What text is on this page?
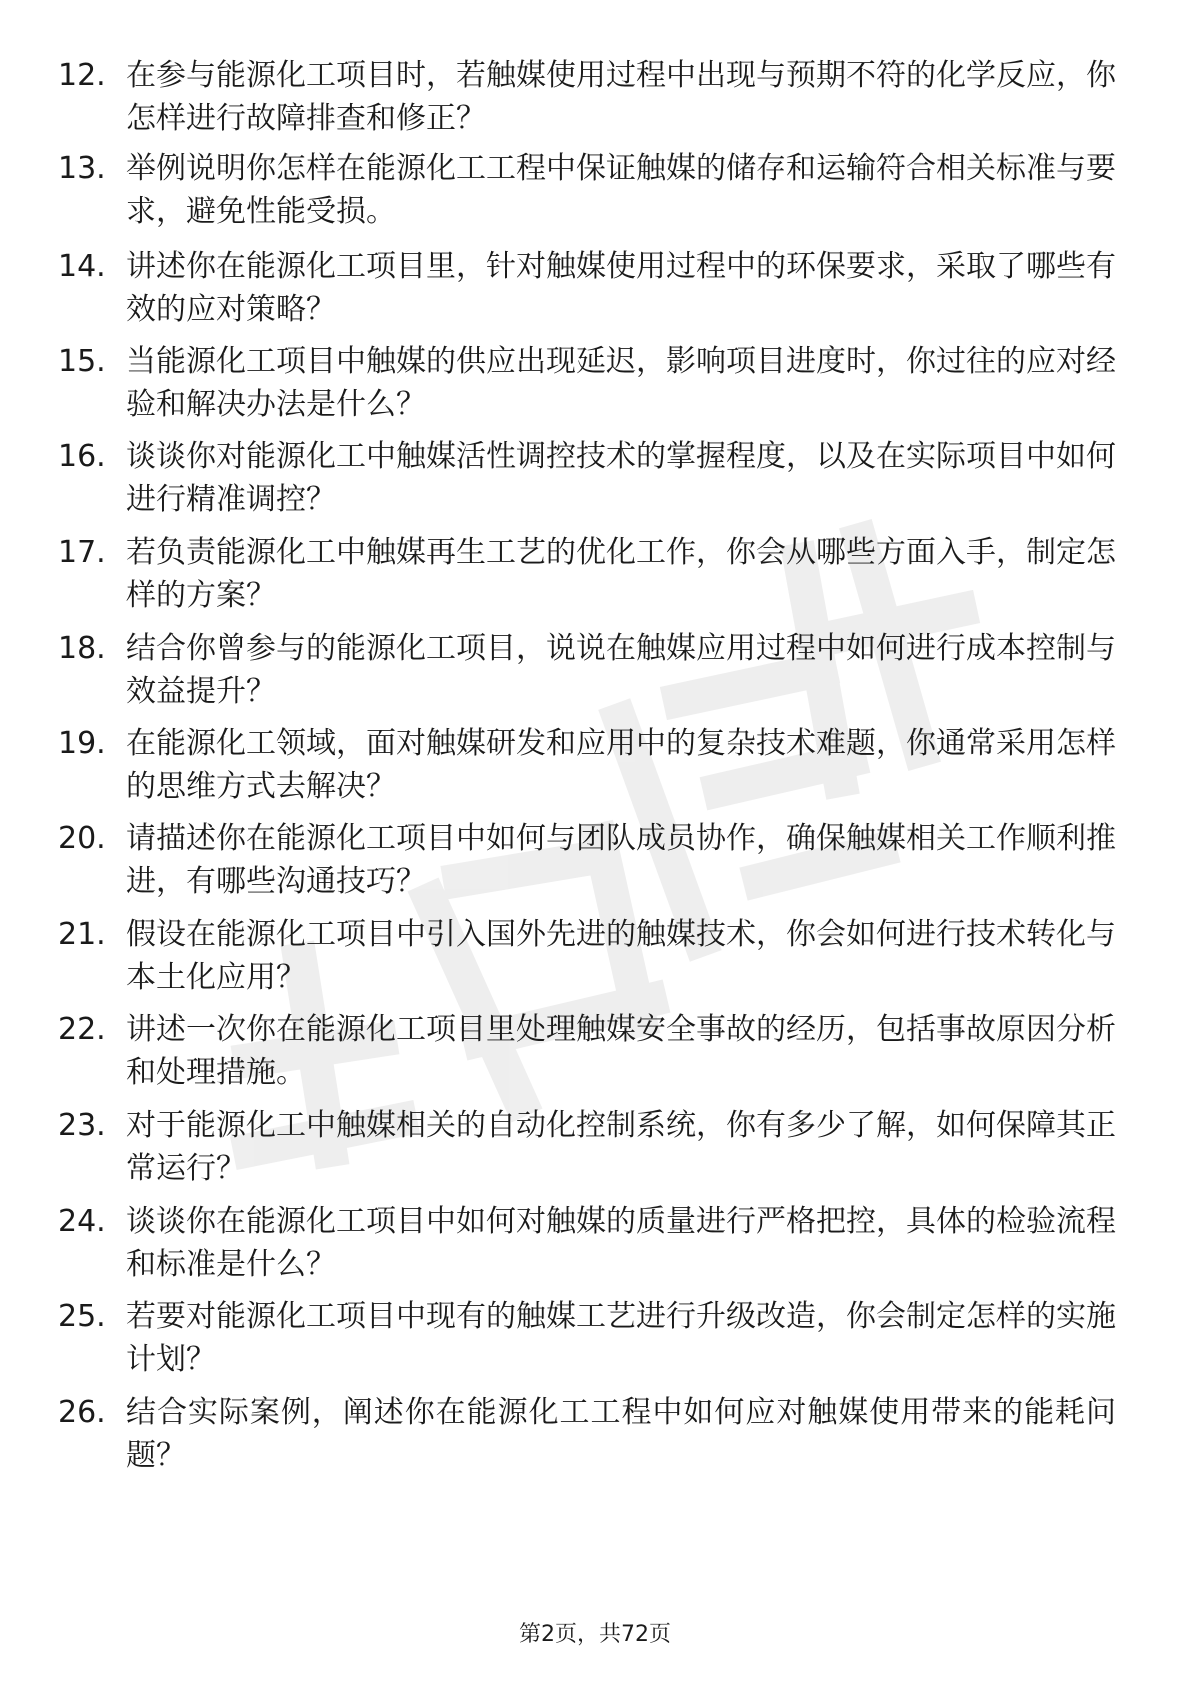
12. 在参与能源化工项目时，若触媒使用过程中出现与预期不符的化学反应，你怎样进行故障排查和修正？
13. 举例说明你怎样在能源化工工程中保证触媒的储存和运输符合相关标准与要求，避免性能受损。
14. 讲述你在能源化工项目里，针对触媒使用过程中的环保要求，采取了哪些有效的应对策略？
15. 当能源化工项目中触媒的供应出现延迟，影响项目进度时，你过往的应对经验和解决办法是什么？
16. 谈谈你对能源化工中触媒活性调控技术的掌握程度，以及在实际项目中如何进行精准调控？
17. 若负责能源化工中触媒再生工艺的优化工作，你会从哪些方面入手，制定怎样的方案？
18. 结合你曾参与的能源化工项目，说说在触媒应用过程中如何进行成本控制与效益提升？
19. 在能源化工领域，面对触媒研发和应用中的复杂技术难题，你通常采用怎样的思维方式去解决？
20. 请描述你在能源化工项目中如何与团队成员协作，确保触媒相关工作顺利推进，有哪些沟通技巧？
21. 假设在能源化工项目中引入国外先进的触媒技术，你会如何进行技术转化与本土化应用？
22. 讲述一次你在能源化工项目里处理触媒安全事故的经历，包括事故原因分析和处理措施。
23. 对于能源化工中触媒相关的自动化控制系统，你有多少了解，如何保障其正常运行？
24. 谈谈你在能源化工项目中如何对触媒的质量进行严格把控，具体的检验流程和标准是什么？
25. 若要对能源化工项目中现有的触媒工艺进行升级改造，你会制定怎样的实施计划？
26. 结合实际案例，阐述你在能源化工工程中如何应对触媒使用带来的能耗问题？
第2页，共72页
